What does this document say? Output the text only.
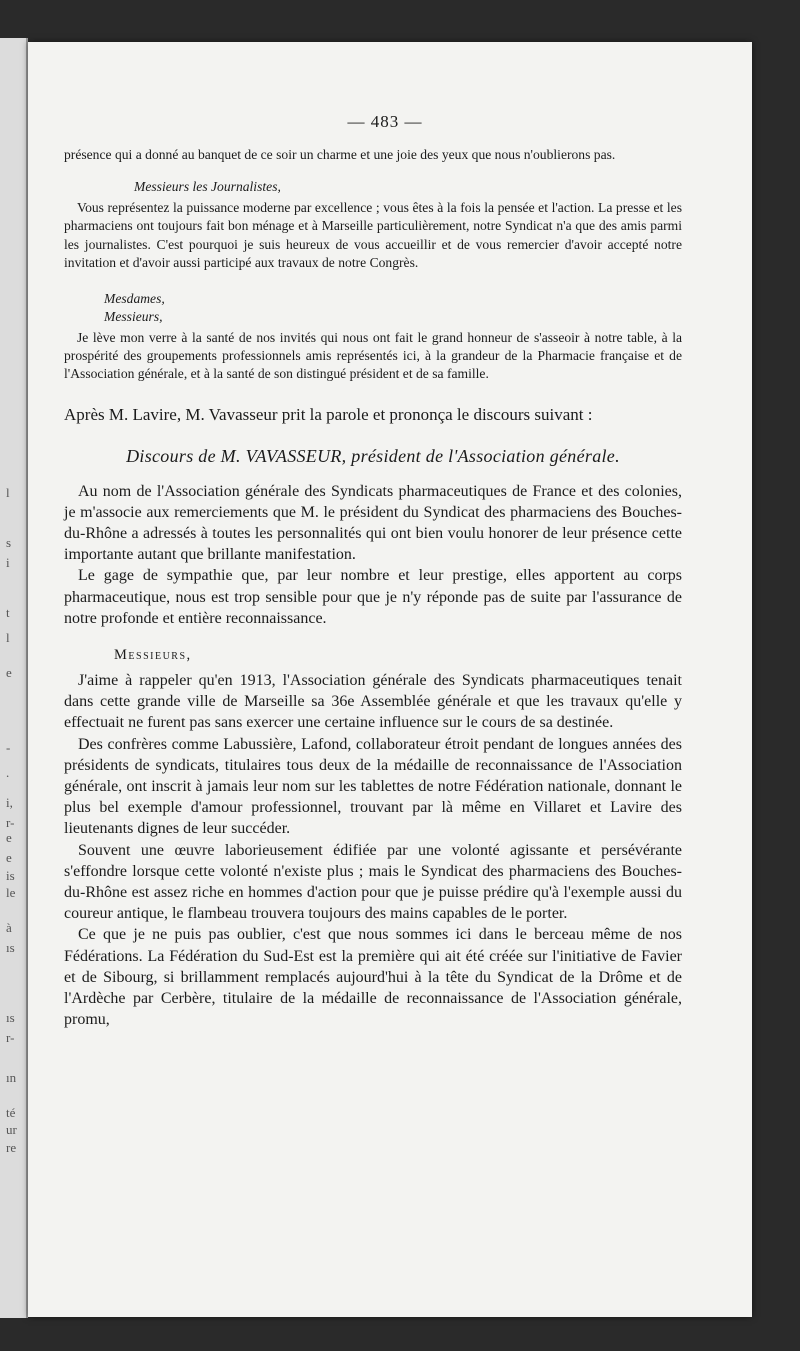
l
s
i
t
l
e
-
.
i,
r-
e
e
is
le
à
ıs
ıs
r-
ın
té
ur
re
— 483 —

présence qui a donné au banquet de ce soir un charme et une joie des yeux que nous n'oublierons pas.

Messieurs les Journalistes,

Vous représentez la puissance moderne par excellence ; vous êtes à la fois la pensée et l'action. La presse et les pharmaciens ont toujours fait bon ménage et à Marseille particulièrement, notre Syndicat n'a que des amis parmi les journalistes. C'est pourquoi je suis heureux de vous accueillir et de vous remercier d'avoir accepté notre invitation et d'avoir aussi participé aux travaux de notre Congrès.

Mesdames,
Messieurs,

Je lève mon verre à la santé de nos invités qui nous ont fait le grand honneur de s'asseoir à notre table, à la prospérité des groupements professionnels amis représentés ici, à la grandeur de la Pharmacie française et de l'Association générale, et à la santé de son distingué président et de sa famille.

Après M. Lavire, M. Vavasseur prit la parole et prononça le discours suivant :

Discours de M. VAVASSEUR, président de l'Association générale.

Au nom de l'Association générale des Syndicats pharmaceutiques de France et des colonies, je m'associe aux remerciements que M. le président du Syndicat des pharmaciens des Bouches-du-Rhône a adressés à toutes les personnalités qui ont bien voulu honorer de leur présence cette importante autant que brillante manifestation.

Le gage de sympathie que, par leur nombre et leur prestige, elles apportent au corps pharmaceutique, nous est trop sensible pour que je n'y réponde pas de suite par l'assurance de notre profonde et entière reconnaissance.

Messieurs,

J'aime à rappeler qu'en 1913, l'Association générale des Syndicats pharmaceutiques tenait dans cette grande ville de Marseille sa 36e Assemblée générale et que les travaux qu'elle y effectuait ne furent pas sans exercer une certaine influence sur le cours de sa destinée.

Des confrères comme Labussière, Lafond, collaborateur étroit pendant de longues années des présidents de syndicats, titulaires tous deux de la médaille de reconnaissance de l'Association générale, ont inscrit à jamais leur nom sur les tablettes de notre Fédération nationale, donnant le plus bel exemple d'amour professionnel, trouvant par là même en Villaret et Lavire des lieutenants dignes de leur succéder.

Souvent une œuvre laborieusement édifiée par une volonté agissante et persévérante s'effondre lorsque cette volonté n'existe plus ; mais le Syndicat des pharmaciens des Bouches-du-Rhône est assez riche en hommes d'action pour que je puisse prédire qu'à l'exemple aussi du coureur antique, le flambeau trouvera toujours des mains capables de le porter.

Ce que je ne puis pas oublier, c'est que nous sommes ici dans le berceau même de nos Fédérations. La Fédération du Sud-Est est la première qui ait été créée sur l'initiative de Favier et de Sibourg, si brillamment remplacés aujourd'hui à la tête du Syndicat de la Drôme et de l'Ardèche par Cerbère, titulaire de la médaille de reconnaissance de l'Association générale, promu,
